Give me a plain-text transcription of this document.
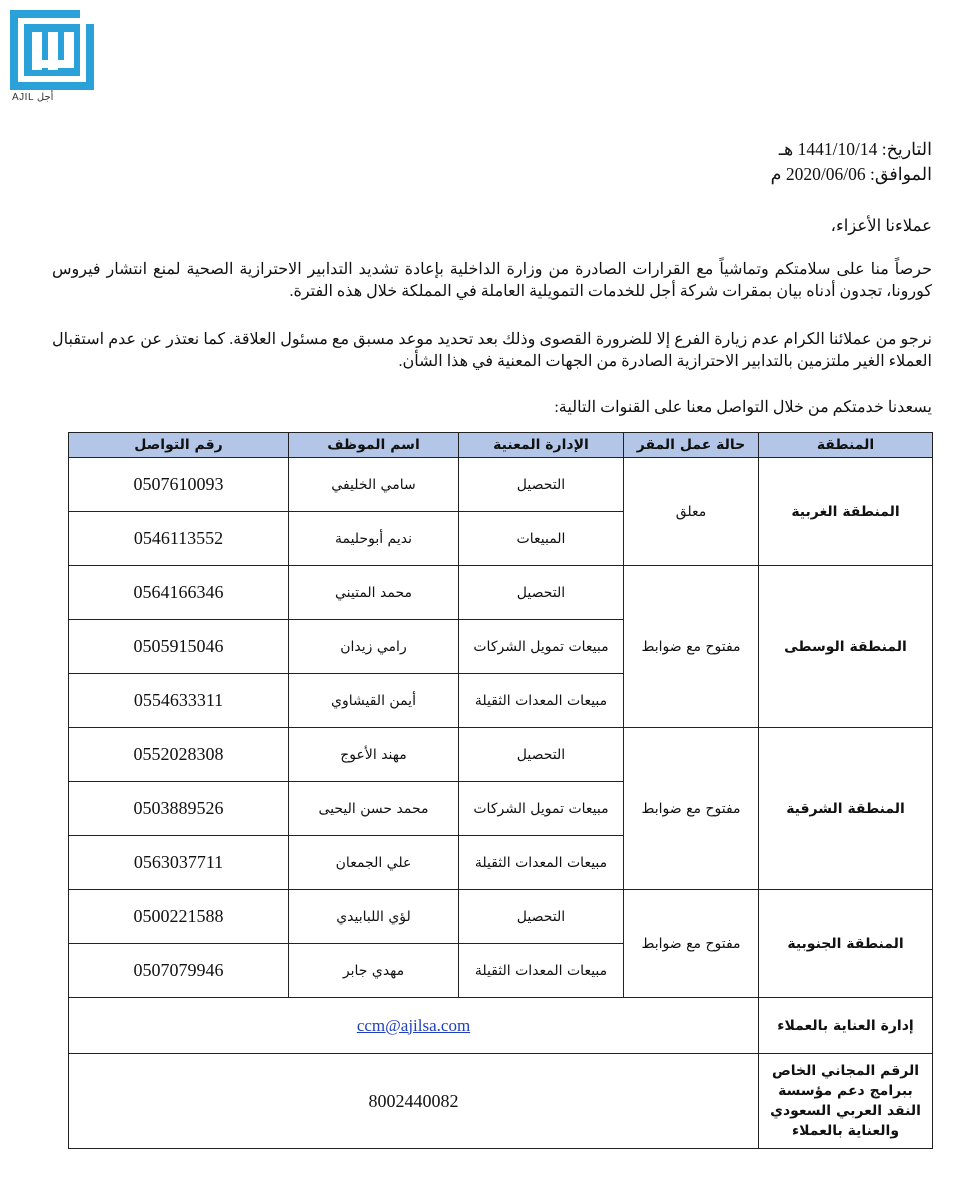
AJIL أجل
التاريخ: 1441/10/14 هـ
الموافق: 2020/06/06 م
عملاءنا الأعزاء،
حرصاً منا على سلامتكم وتماشياً مع القرارات الصادرة من وزارة الداخلية بإعادة تشديد التدابير الاحترازية الصحية لمنع انتشار فيروس كورونا، تجدون أدناه بيان بمقرات شركة أجل للخدمات التمويلية العاملة في المملكة خلال هذه الفترة.
نرجو من عملائنا الكرام عدم زيارة الفرع إلا للضرورة القصوى وذلك بعد تحديد موعد مسبق مع مسئول العلاقة. كما نعتذر عن عدم استقبال العملاء الغير ملتزمين بالتدابير الاحترازية الصادرة من الجهات المعنية في هذا الشأن.
يسعدنا خدمتكم من خلال التواصل معنا على القنوات التالية:
المنطقة	حالة عمل المقر	الإدارة المعنية	اسم الموظف	رقم التواصل
المنطقة الغربية	معلق	التحصيل	سامي الخليفي	0507610093
		المبيعات	نديم أبوحليمة	0546113552
المنطقة الوسطى	مفتوح مع ضوابط	التحصيل	محمد المتيني	0564166346
		مبيعات تمويل الشركات	رامي زيدان	0505915046
		مبيعات المعدات الثقيلة	أيمن القيشاوي	0554633311
المنطقة الشرقية	مفتوح مع ضوابط	التحصيل	مهند الأعوج	0552028308
		مبيعات تمويل الشركات	محمد حسن اليحيى	0503889526
		مبيعات المعدات الثقيلة	علي الجمعان	0563037711
المنطقة الجنوبية	مفتوح مع ضوابط	التحصيل	لؤي اللبابيدي	0500221588
		مبيعات المعدات الثقيلة	مهدي جابر	0507079946
إدارة العناية بالعملاء	ccm@ajilsa.com			
الرقم المجاني الخاص ببرامج دعم مؤسسة النقد العربي السعودي والعناية بالعملاء	8002440082			
